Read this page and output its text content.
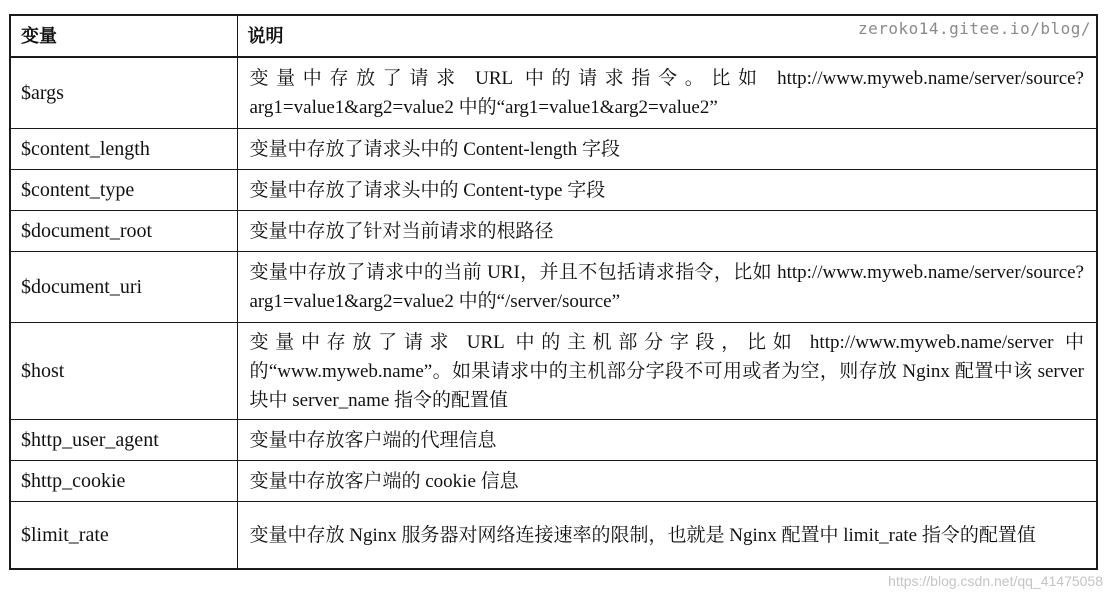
变量	说明
$args	变量中存放了请求 URL 中的请求指令。比如 http://www.myweb.name/server/source?arg1=value1&arg2=value2 中的“arg1=value1&arg2=value2”
$content_length	变量中存放了请求头中的 Content-length 字段
$content_type	变量中存放了请求头中的 Content-type 字段
$document_root	变量中存放了针对当前请求的根路径
$document_uri	变量中存放了请求中的当前 URI，并且不包括请求指令，比如 http://www.myweb.name/server/source?arg1=value1&arg2=value2 中的“/server/source”
$host	变量中存放了请求 URL 中的主机部分字段，比如 http://www.myweb.name/server 中的“www.myweb.name”。如果请求中的主机部分字段不可用或者为空，则存放 Nginx 配置中该 server 块中 server_name 指令的配置值
$http_user_agent	变量中存放客户端的代理信息
$http_cookie	变量中存放客户端的 cookie 信息
$limit_rate	变量中存放 Nginx 服务器对网络连接速率的限制，也就是 Nginx 配置中 limit_rate 指令的配置值
zeroko14.gitee.io/blog/
https://blog.csdn.net/qq_41475058
